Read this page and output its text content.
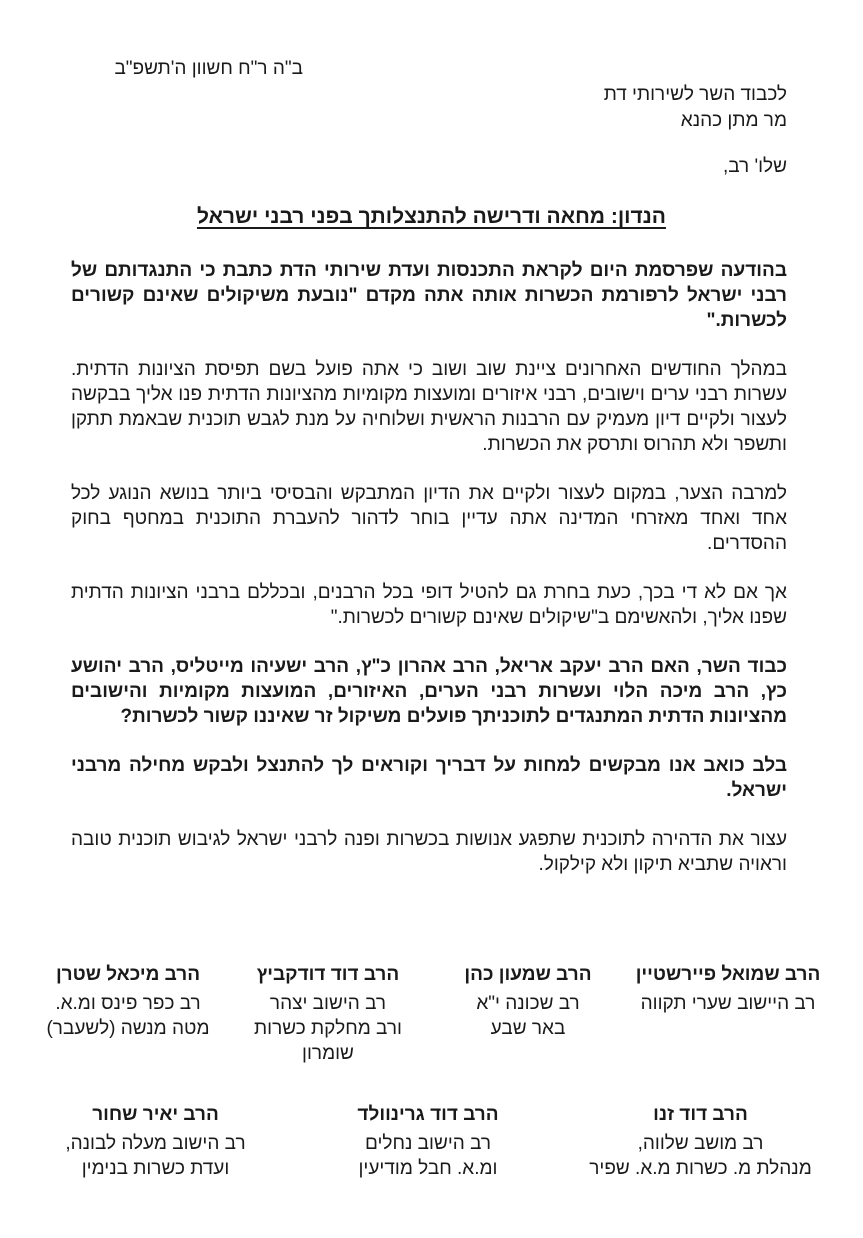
ב"ה ר"ח חשוון ה'תשפ"ב
לכבוד השר לשירותי דת
מר מתן כהנא
שלו' רב,
הנדון: מחאה ודרישה להתנצלותך בפני רבני ישראל

בהודעה שפרסמת היום לקראת התכנסות ועדת שירותי הדת כתבת כי התנגדותם של רבני ישראל לרפורמת הכשרות אותה אתה מקדם "נובעת משיקולים שאינם קשורים לכשרות."

במהלך החודשים האחרונים ציינת שוב ושוב כי אתה פועל בשם תפיסת הציונות הדתית. עשרות רבני ערים וישובים, רבני איזורים ומועצות מקומיות מהציונות הדתית פנו אליך בבקשה לעצור ולקיים דיון מעמיק עם הרבנות הראשית ושלוחיה על מנת לגבש תוכנית שבאמת תתקן ותשפר ולא תהרוס ותרסק את הכשרות.

למרבה הצער, במקום לעצור ולקיים את הדיון המתבקש והבסיסי ביותר בנושא הנוגע לכל אחד ואחד מאזרחי המדינה אתה עדיין בוחר לדהור להעברת התוכנית במחטף בחוק ההסדרים.

אך אם לא די בכך, כעת בחרת גם להטיל דופי בכל הרבנים, ובכללם ברבני הציונות הדתית שפנו אליך, ולהאשימם ב"שיקולים שאינם קשורים לכשרות."

כבוד השר, האם הרב יעקב אריאל, הרב אהרון כ"ץ, הרב ישעיהו מייטליס, הרב יהושע כץ, הרב מיכה הלוי ועשרות רבני הערים, האיזורים, המועצות מקומיות והישובים מהציונות הדתית המתנגדים לתוכניתך פועלים משיקול זר שאיננו קשור לכשרות?

בלב כואב אנו מבקשים למחות על דבריך וקוראים לך להתנצל ולבקש מחילה מרבני ישראל.

עצור את הדהירה לתוכנית שתפגע אנושות בכשרות ופנה לרבני ישראל לגיבוש תוכנית טובה וראויה שתביא תיקון ולא קילקול.

הרב שמואל פיירשטיין
רב היישוב שערי תקווה
הרב שמעון כהן
רב שכונה י"א
באר שבע
הרב דוד דודקביץ
רב הישוב יצהר
ורב מחלקת כשרות
שומרון
הרב מיכאל שטרן
רב כפר פינס ומ.א.
מטה מנשה (לשעבר)
הרב דוד זנו
רב מושב שלווה,
מנהלת מ. כשרות מ.א. שפיר
הרב דוד גרינוולד
רב הישוב נחלים
ומ.א. חבל מודיעין
הרב יאיר שחור
רב הישוב מעלה לבונה,
ועדת כשרות בנימין
